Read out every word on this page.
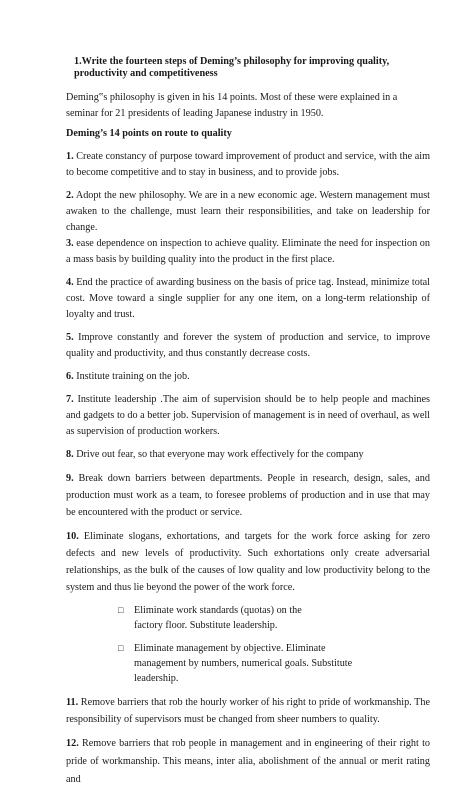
1.Write the fourteen steps of Deming’s philosophy for improving quality, productivity and competitiveness

Deming‟s philosophy is given in his 14 points. Most of these were explained in a seminar for 21 presidents of leading Japanese industry in 1950.

Deming’s 14 points on route to quality

1. Create constancy of purpose toward improvement of product and service, with the aim to become competitive and to stay in business, and to provide jobs.

2. Adopt the new philosophy. We are in a new economic age. Western management must awaken to the challenge, must learn their responsibilities, and take on leadership for change.

3. ease dependence on inspection to achieve quality. Eliminate the need for inspection on a mass basis by building quality into the product in the first place.

4. End the practice of awarding business on the basis of price tag. Instead, minimize total cost. Move toward a single supplier for any one item, on a long-term relationship of loyalty and trust.

5. Improve constantly and forever the system of production and service, to improve quality and productivity, and thus constantly decrease costs.

6. Institute training on the job.

7. Institute leadership .The aim of supervision should be to help people and machines and gadgets to do a better job. Supervision of management is in need of overhaul, as well as supervision of production workers.

8. Drive out fear, so that everyone may work effectively for the company

9. Break down barriers between departments. People in research, design, sales, and production must work as a team, to foresee problems of production and in use that may be encountered with the product or service.

10. Eliminate slogans, exhortations, and targets for the work force asking for zero defects and new levels of productivity. Such exhortations only create adversarial relationships, as the bulk of the causes of low quality and low productivity belong to the system and thus lie beyond the power of the work force.

□	Eliminate work standards (quotas) on the factory floor. Substitute leadership.
□	Eliminate management by objective. Eliminate management by numbers, numerical goals. Substitute leadership.

11. Remove barriers that rob the hourly worker of his right to pride of workmanship. The responsibility of supervisors must be changed from sheer numbers to quality.

12. Remove barriers that rob people in management and in engineering of their right to pride of workmanship. This means, inter alia, abolishment of the annual or merit rating and
